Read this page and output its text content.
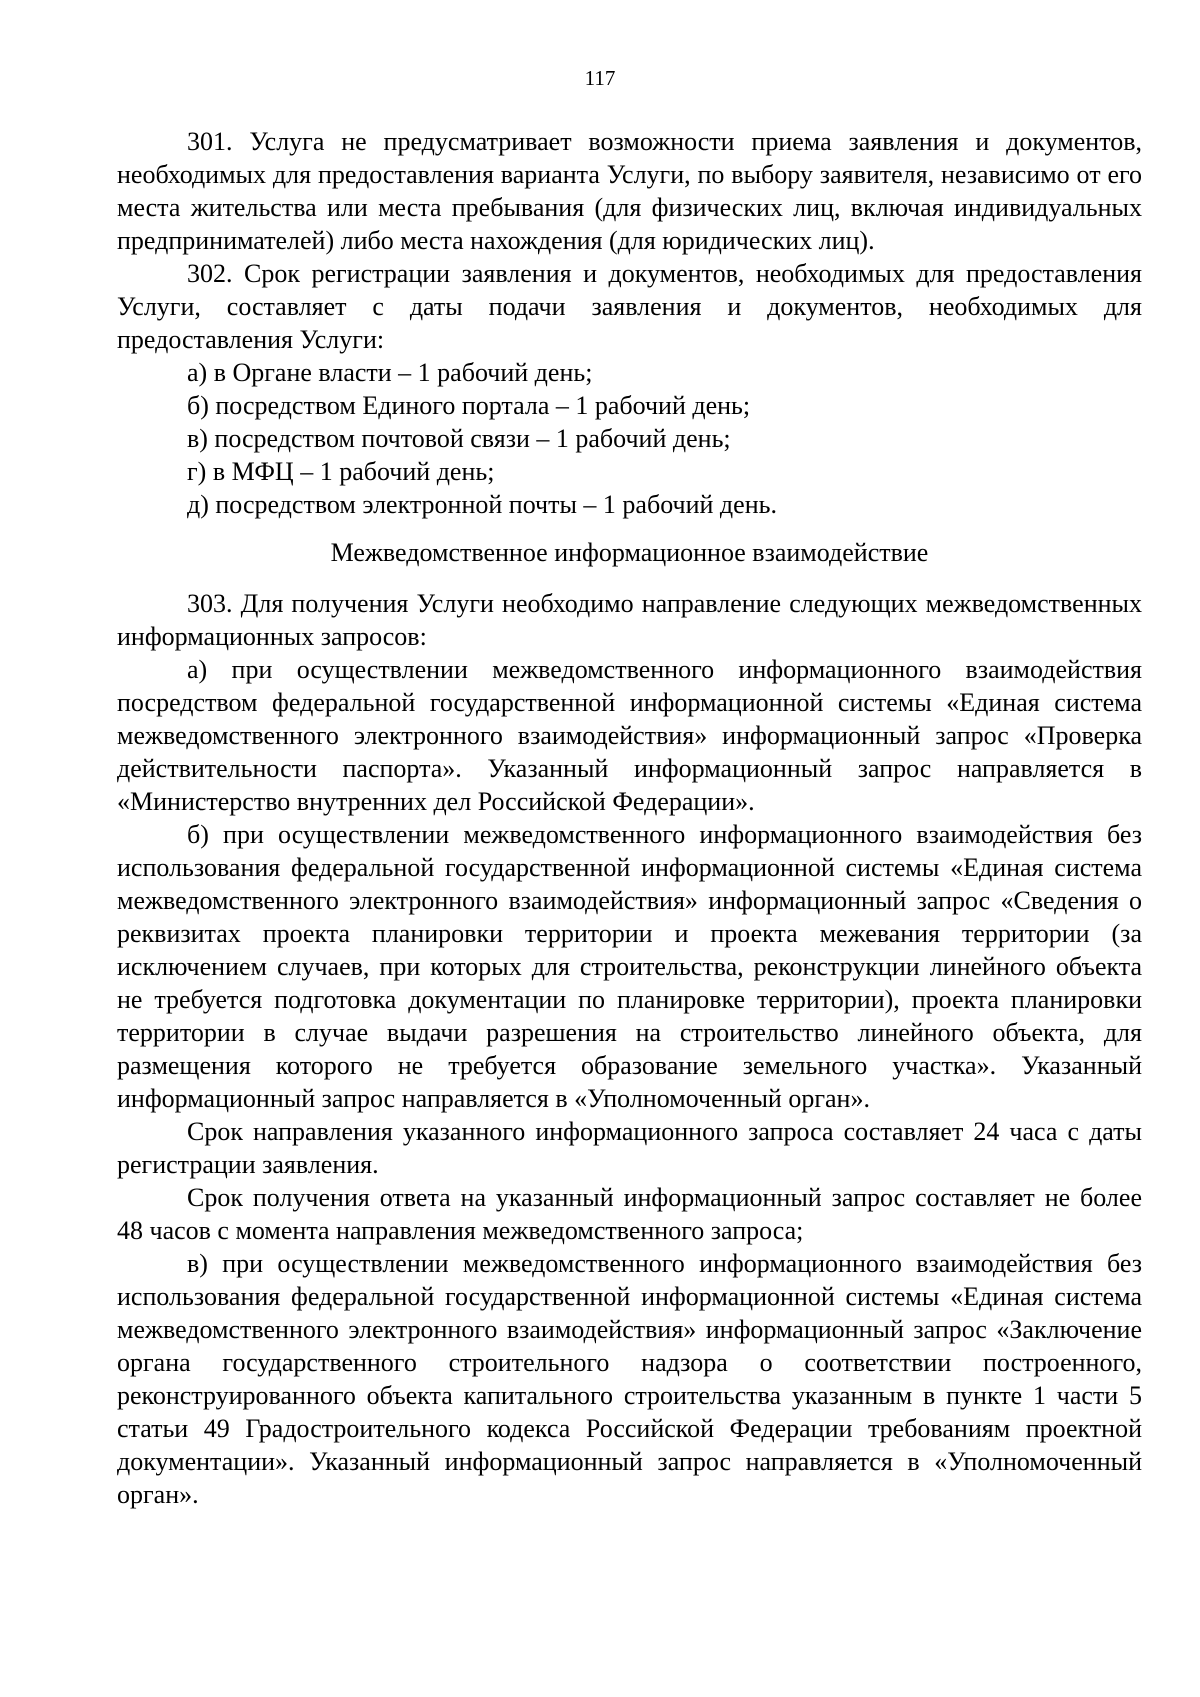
117

301. Услуга не предусматривает возможности приема заявления и документов, необходимых для предоставления варианта Услуги, по выбору заявителя, независимо от его места жительства или места пребывания (для физических лиц, включая индивидуальных предпринимателей) либо места нахождения (для юридических лиц).

302. Срок регистрации заявления и документов, необходимых для предоставления Услуги, составляет с даты подачи заявления и документов, необходимых для предоставления Услуги:

а) в Органе власти – 1 рабочий день;

б) посредством Единого портала – 1 рабочий день;

в) посредством почтовой связи – 1 рабочий день;

г) в МФЦ – 1 рабочий день;

д) посредством электронной почты – 1 рабочий день.

Межведомственное информационное взаимодействие

303. Для получения Услуги необходимо направление следующих межведомственных информационных запросов:

а) при осуществлении межведомственного информационного взаимодействия посредством федеральной государственной информационной системы «Единая система межведомственного электронного взаимодействия» информационный запрос «Проверка действительности паспорта». Указанный информационный запрос направляется в «Министерство внутренних дел Российской Федерации».

б) при осуществлении межведомственного информационного взаимодействия без использования федеральной государственной информационной системы «Единая система межведомственного электронного взаимодействия» информационный запрос «Сведения о реквизитах проекта планировки территории и проекта межевания территории (за исключением случаев, при которых для строительства, реконструкции линейного объекта не требуется подготовка документации по планировке территории), проекта планировки территории в случае выдачи разрешения на строительство линейного объекта, для размещения которого не требуется образование земельного участка». Указанный информационный запрос направляется в «Уполномоченный орган».

Срок направления указанного информационного запроса составляет 24 часа с даты регистрации заявления.

Срок получения ответа на указанный информационный запрос составляет не более 48 часов с момента направления межведомственного запроса;

в) при осуществлении межведомственного информационного взаимодействия без использования федеральной государственной информационной системы «Единая система межведомственного электронного взаимодействия» информационный запрос «Заключение органа государственного строительного надзора о соответствии построенного, реконструированного объекта капитального строительства указанным в пункте 1 части 5 статьи 49 Градостроительного кодекса Российской Федерации требованиям проектной документации». Указанный информационный запрос направляется в «Уполномоченный орган».
